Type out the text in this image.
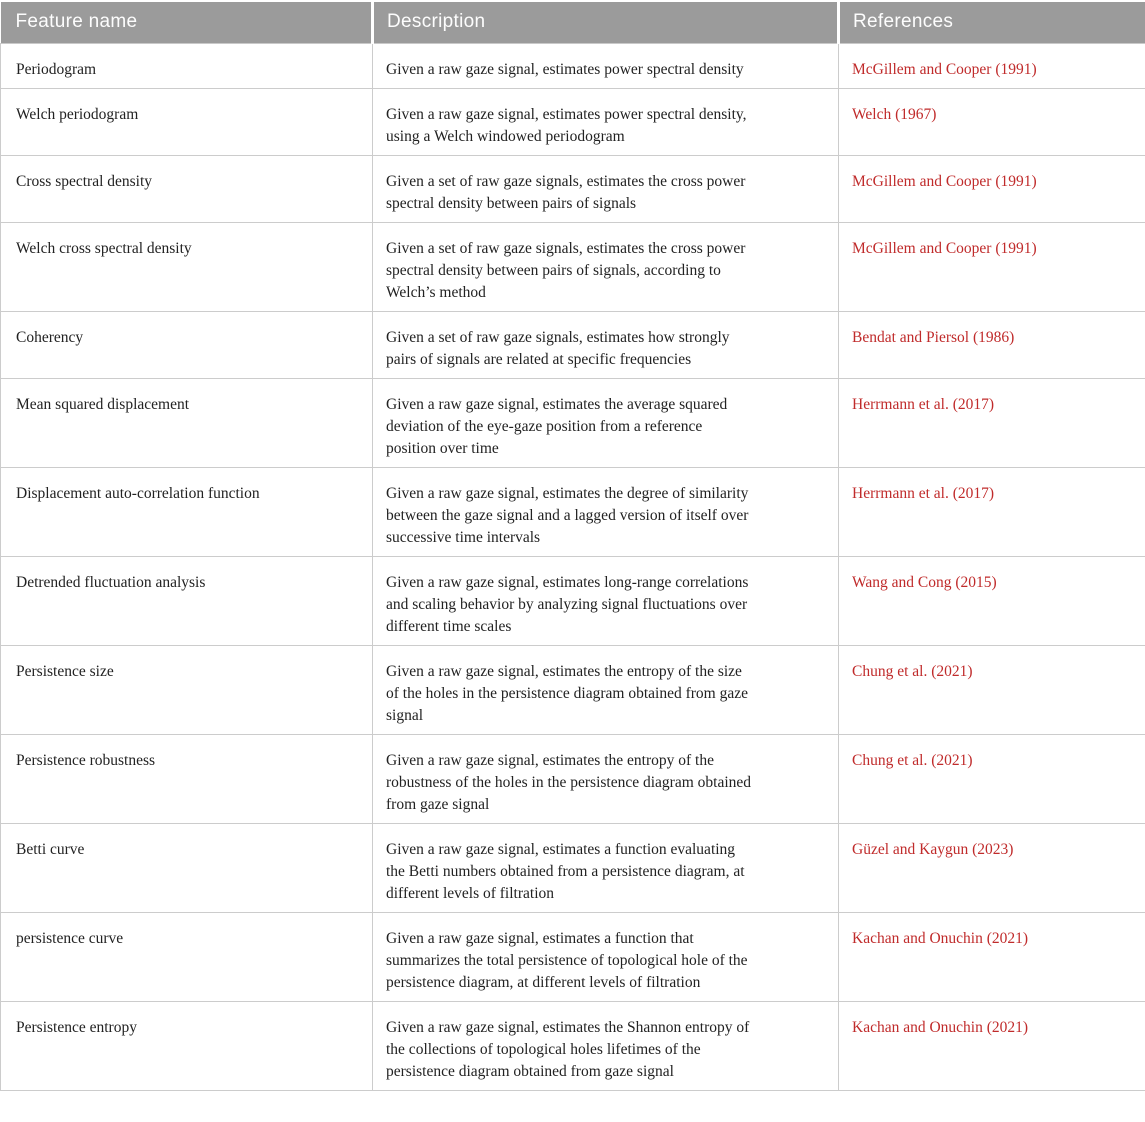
Feature name	Description	References
Periodogram	Given a raw gaze signal, estimates power spectral density	McGillem and Cooper (1991)
Welch periodogram	Given a raw gaze signal, estimates power spectral density, using a Welch windowed periodogram	Welch (1967)
Cross spectral density	Given a set of raw gaze signals, estimates the cross power spectral density between pairs of signals	McGillem and Cooper (1991)
Welch cross spectral density	Given a set of raw gaze signals, estimates the cross power spectral density between pairs of signals, according to Welch’s method	McGillem and Cooper (1991)
Coherency	Given a set of raw gaze signals, estimates how strongly pairs of signals are related at specific frequencies	Bendat and Piersol (1986)
Mean squared displacement	Given a raw gaze signal, estimates the average squared deviation of the eye-gaze position from a reference position over time	Herrmann et al. (2017)
Displacement auto-correlation function	Given a raw gaze signal, estimates the degree of similarity between the gaze signal and a lagged version of itself over successive time intervals	Herrmann et al. (2017)
Detrended fluctuation analysis	Given a raw gaze signal, estimates long-range correlations and scaling behavior by analyzing signal fluctuations over different time scales	Wang and Cong (2015)
Persistence size	Given a raw gaze signal, estimates the entropy of the size of the holes in the persistence diagram obtained from gaze signal	Chung et al. (2021)
Persistence robustness	Given a raw gaze signal, estimates the entropy of the robustness of the holes in the persistence diagram obtained from gaze signal	Chung et al. (2021)
Betti curve	Given a raw gaze signal, estimates a function evaluating the Betti numbers obtained from a persistence diagram, at different levels of filtration	Güzel and Kaygun (2023)
persistence curve	Given a raw gaze signal, estimates a function that summarizes the total persistence of topological hole of the persistence diagram, at different levels of filtration	Kachan and Onuchin (2021)
Persistence entropy	Given a raw gaze signal, estimates the Shannon entropy of the collections of topological holes lifetimes of the persistence diagram obtained from gaze signal	Kachan and Onuchin (2021)
